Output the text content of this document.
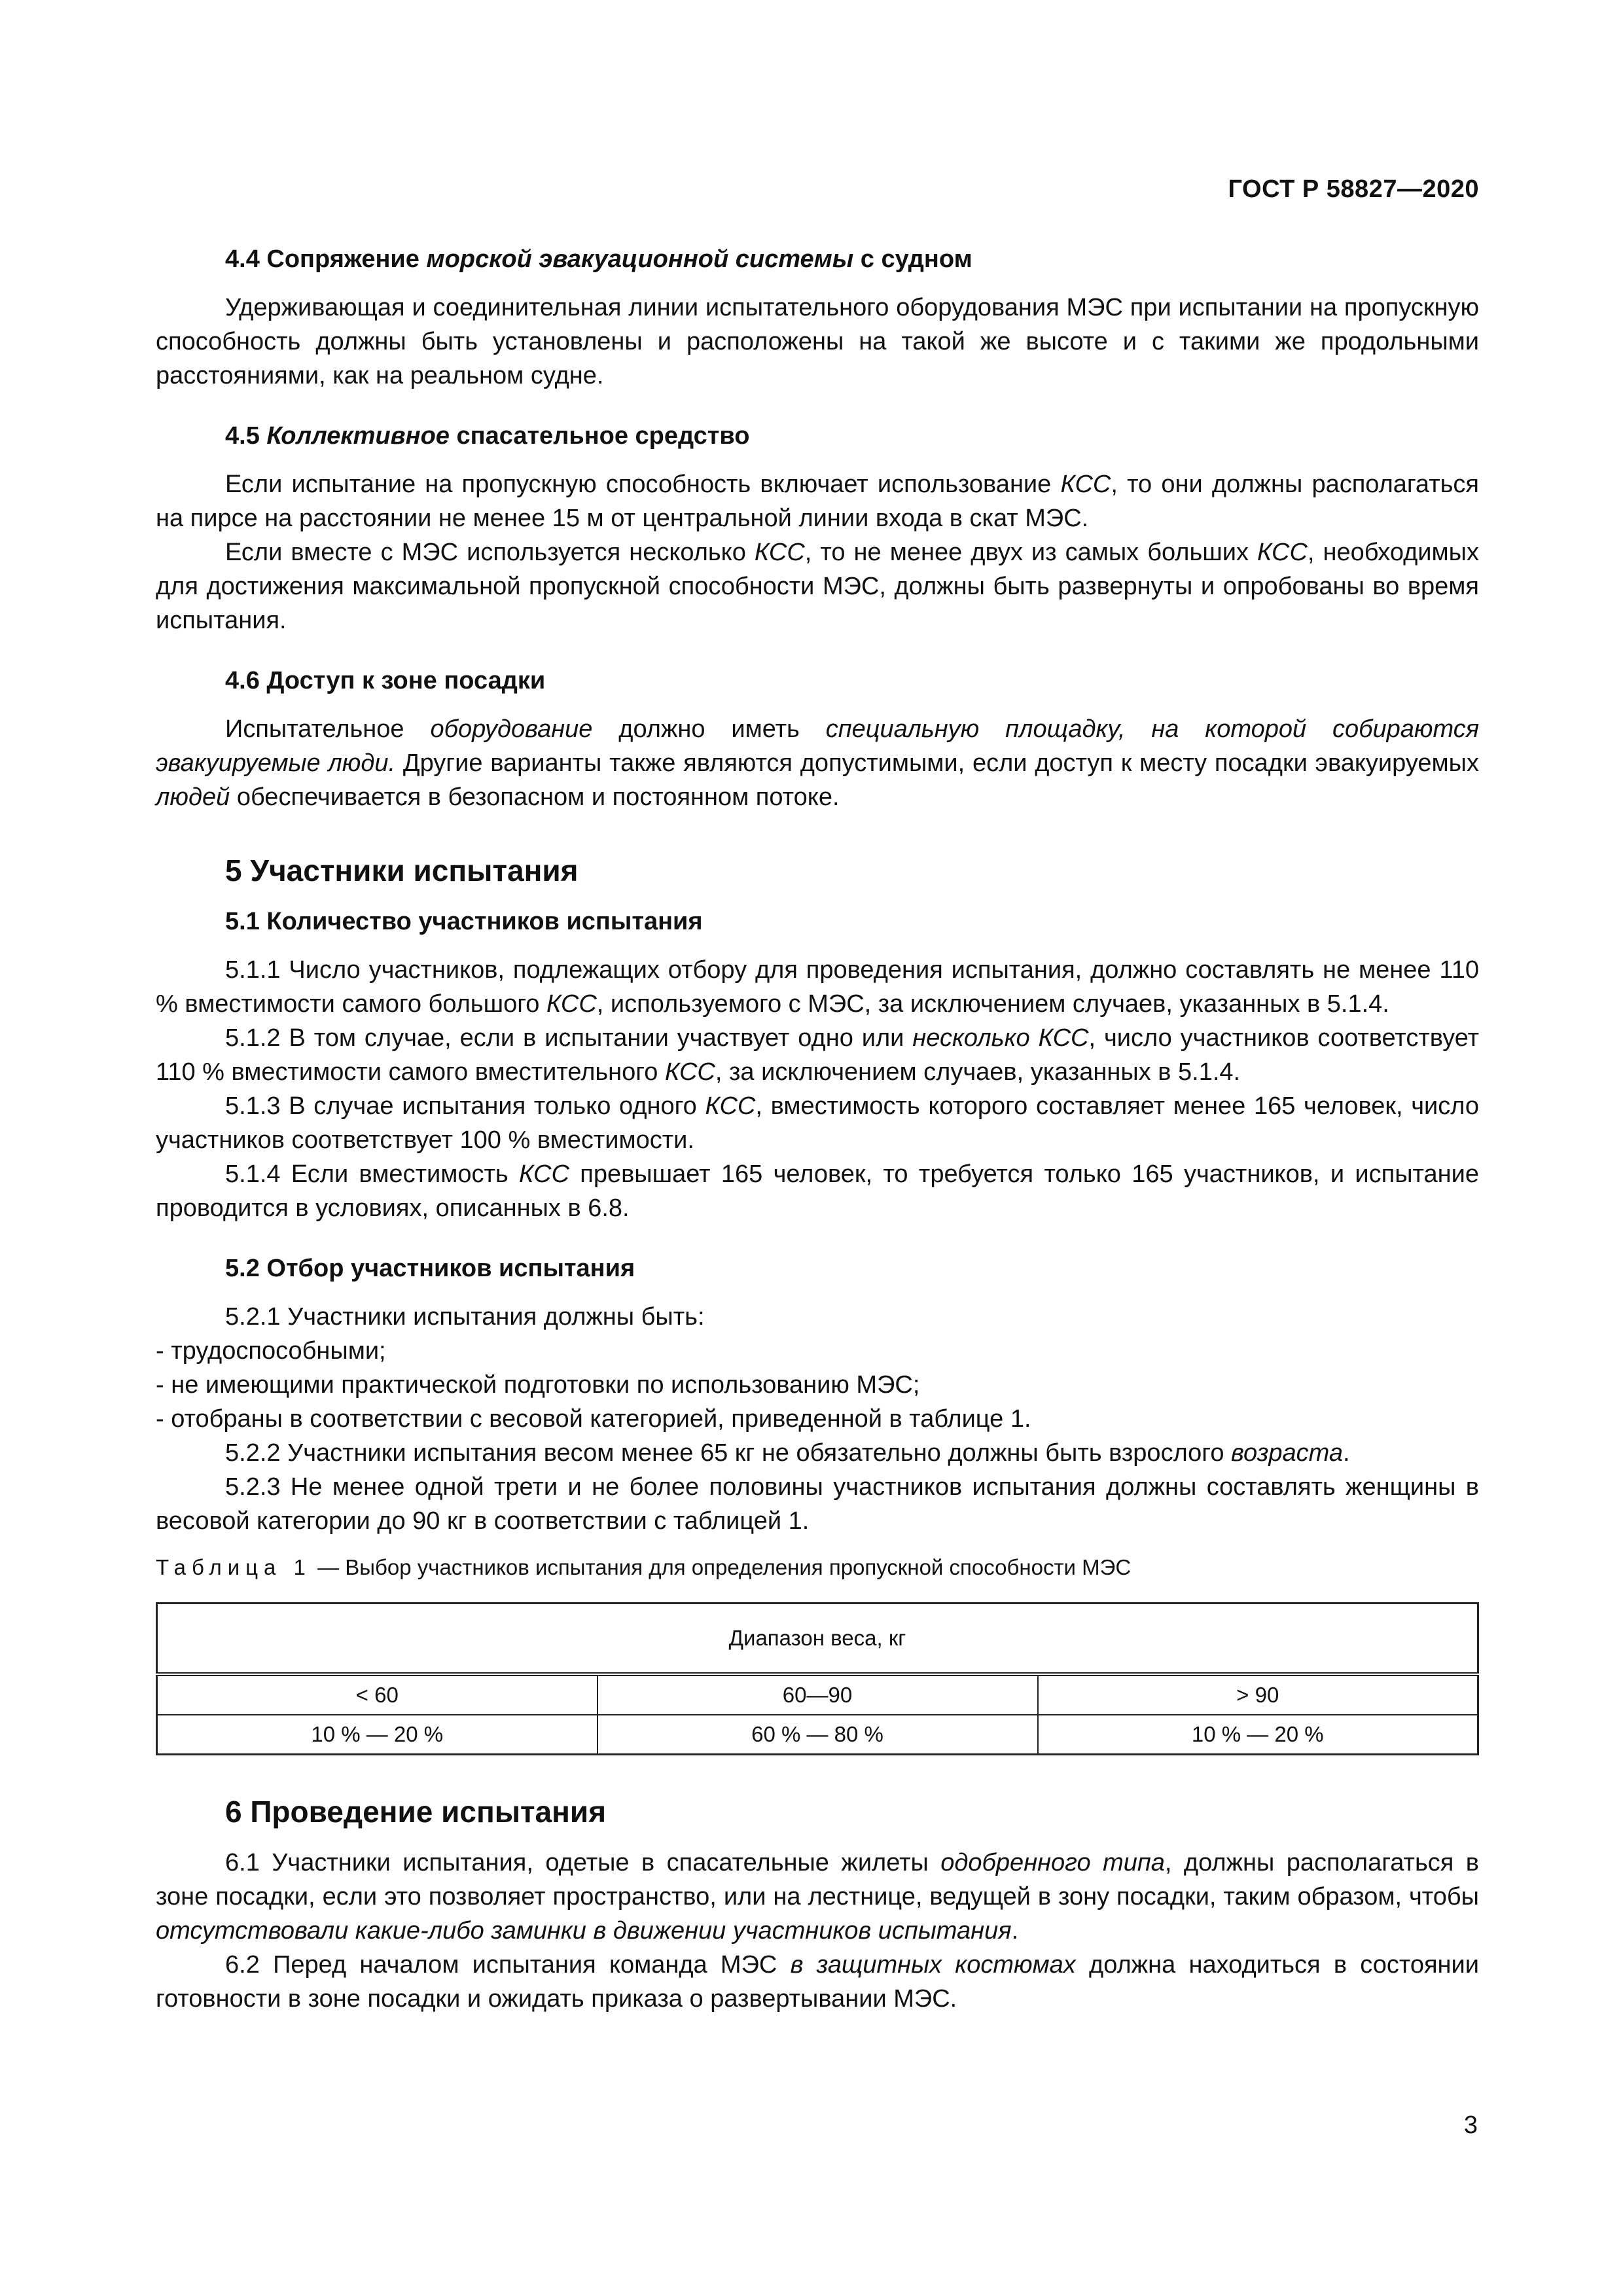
ГОСТ Р 58827—2020
4.4 Сопряжение морской эвакуационной системы с судном

Удерживающая и соединительная линии испытательного оборудования МЭС при испытании на пропускную способность должны быть установлены и расположены на такой же высоте и с такими же продольными расстояниями, как на реальном судне.

4.5 Коллективное спасательное средство

Если испытание на пропускную способность включает использование КСС, то они должны располагаться на пирсе на расстоянии не менее 15 м от центральной линии входа в скат МЭС.

Если вместе с МЭС используется несколько КСС, то не менее двух из самых больших КСС, необходимых для достижения максимальной пропускной способности МЭС, должны быть развернуты и опробованы во время испытания.

4.6 Доступ к зоне посадки

Испытательное оборудование должно иметь специальную площадку, на которой собираются эвакуируемые люди. Другие варианты также являются допустимыми, если доступ к месту посадки эвакуируемых людей обеспечивается в безопасном и постоянном потоке.

5 Участники испытания
5.1 Количество участников испытания

5.1.1 Число участников, подлежащих отбору для проведения испытания, должно составлять не менее 110 % вместимости самого большого КСС, используемого с МЭС, за исключением случаев, указанных в 5.1.4.

5.1.2 В том случае, если в испытании участвует одно или несколько КСС, число участников соответствует 110 % вместимости самого вместительного КСС, за исключением случаев, указанных в 5.1.4.

5.1.3 В случае испытания только одного КСС, вместимость которого составляет менее 165 человек, число участников соответствует 100 % вместимости.

5.1.4 Если вместимость КСС превышает 165 человек, то требуется только 165 участников, и испытание проводится в условиях, описанных в 6.8.

5.2 Отбор участников испытания

5.2.1 Участники испытания должны быть:

- трудоспособными;

- не имеющими практической подготовки по использованию МЭС;

- отобраны в соответствии с весовой категорией, приведенной в таблице 1.

5.2.2 Участники испытания весом менее 65 кг не обязательно должны быть взрослого возраста.

5.2.3 Не менее одной трети и не более половины участников испытания должны составлять женщины в весовой категории до 90 кг в соответствии с таблицей 1.

Таблица 1 — Выбор участников испытания для определения пропускной способности МЭС

Диапазон веса, кг		
< 60	60—90	> 90
10 % — 20 %	60 % — 80 %	10 % — 20 %
6 Проведение испытания

6.1 Участники испытания, одетые в спасательные жилеты одобренного типа, должны располагаться в зоне посадки, если это позволяет пространство, или на лестнице, ведущей в зону посадки, таким образом, чтобы отсутствовали какие-либо заминки в движении участников испытания.

6.2 Перед началом испытания команда МЭС в защитных костюмах должна находиться в состоянии готовности в зоне посадки и ожидать приказа о развертывании МЭС.

3
